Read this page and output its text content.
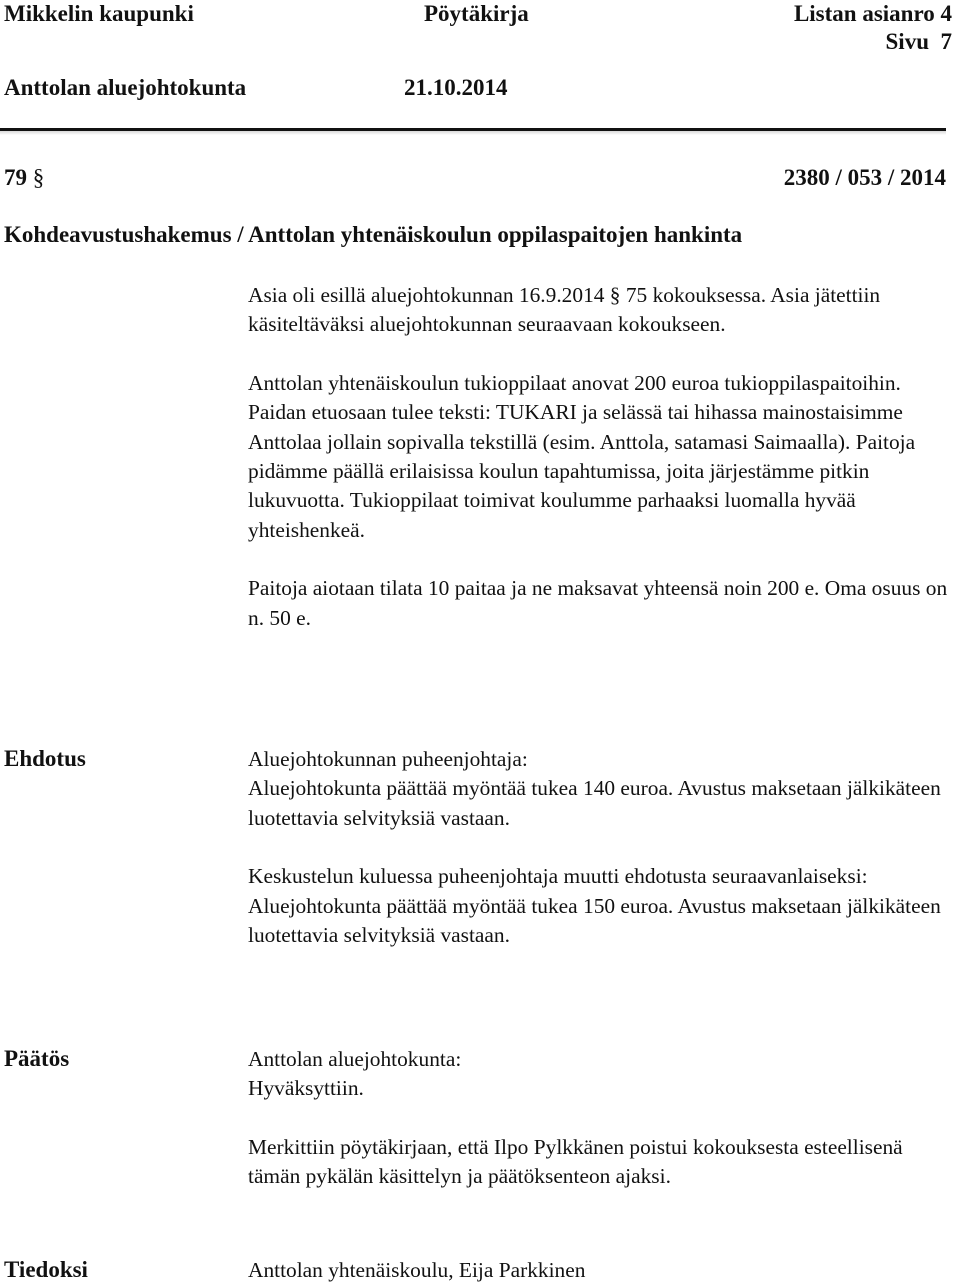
Mikkelin kaupunki	Pöytäkirja	Listan asianro 4
Sivu  7
Anttolan aluejohtokunta	21.10.2014
79 §	2380 / 053 / 2014
Kohdeavustushakemus / Anttolan yhtenäiskoulun oppilaspaitojen hankinta

Asia oli esillä aluejohtokunnan 16.9.2014 § 75 kokouksessa. Asia jätettiin käsiteltäväksi aluejohtokunnan seuraavaan kokoukseen.

Anttolan yhtenäiskoulun tukioppilaat anovat 200 euroa tukioppilaspaitoihin. Paidan etuosaan tulee teksti: TUKARI ja selässä tai hihassa mainostaisimme Anttolaa jollain sopivalla tekstillä (esim. Anttola, satamasi Saimaalla). Paitoja pidämme päällä erilaisissa koulun tapahtumissa, joita järjestämme pitkin lukuvuotta. Tukioppilaat toimivat koulumme parhaaksi luomalla hyvää yhteishenkeä.

Paitoja aiotaan tilata 10 paitaa ja ne maksavat yhteensä noin 200 e. Oma osuus on n. 50 e.

Ehdotus	Aluejohtokunnan puheenjohtaja:

Aluejohtokunta päättää myöntää tukea 140 euroa. Avustus maksetaan jälkikäteen luotettavia selvityksiä vastaan.

Keskustelun kuluessa puheenjohtaja muutti ehdotusta seuraavanlaiseksi:

Aluejohtokunta päättää myöntää tukea 150 euroa. Avustus maksetaan jälkikäteen luotettavia selvityksiä vastaan.

Päätös	Anttolan aluejohtokunta:

Hyväksyttiin.

Merkittiin pöytäkirjaan, että Ilpo Pylkkänen poistui kokouksesta esteellisenä tämän pykälän käsittelyn ja päätöksenteon ajaksi.

Tiedoksi	Anttolan yhtenäiskoulu, Eija Parkkinen
